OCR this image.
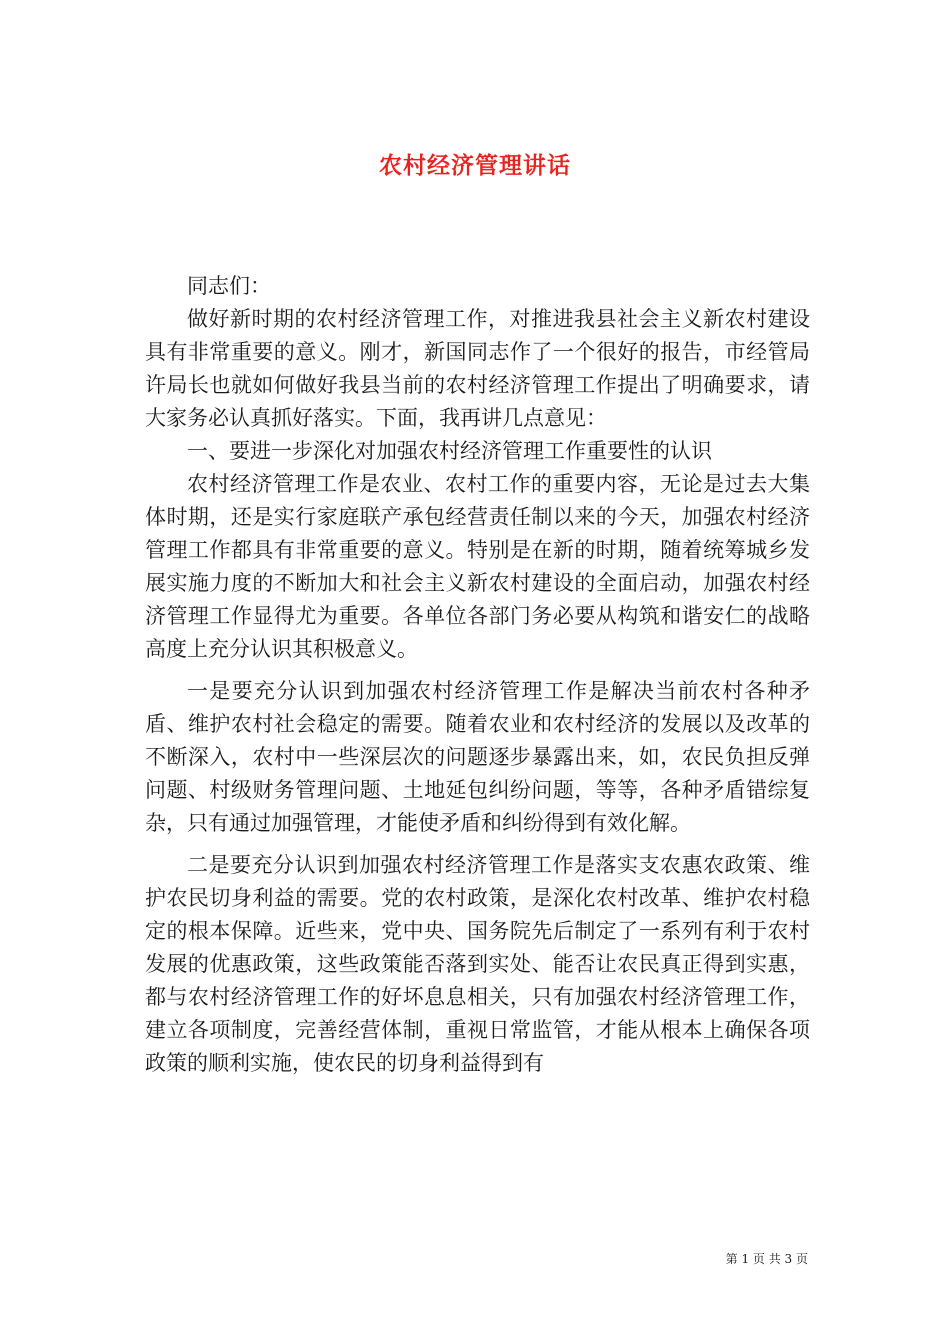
农村经济管理讲话

同志们：

做好新时期的农村经济管理工作，对推进我县社会主义新农村建设具有非常重要的意义。刚才，新国同志作了一个很好的报告，市经管局许局长也就如何做好我县当前的农村经济管理工作提出了明确要求，请大家务必认真抓好落实。下面，我再讲几点意见：

一、要进一步深化对加强农村经济管理工作重要性的认识

农村经济管理工作是农业、农村工作的重要内容，无论是过去大集体时期，还是实行家庭联产承包经营责任制以来的今天，加强农村经济管理工作都具有非常重要的意义。特别是在新的时期，随着统筹城乡发展实施力度的不断加大和社会主义新农村建设的全面启动，加强农村经济管理工作显得尤为重要。各单位各部门务必要从构筑和谐安仁的战略高度上充分认识其积极意义。

一是要充分认识到加强农村经济管理工作是解决当前农村各种矛盾、维护农村社会稳定的需要。随着农业和农村经济的发展以及改革的不断深入，农村中一些深层次的问题逐步暴露出来，如，农民负担反弹问题、村级财务管理问题、土地延包纠纷问题，等等，各种矛盾错综复杂，只有通过加强管理，才能使矛盾和纠纷得到有效化解。

二是要充分认识到加强农村经济管理工作是落实支农惠农政策、维护农民切身利益的需要。党的农村政策，是深化农村改革、维护农村稳定的根本保障。近些来，党中央、国务院先后制定了一系列有利于农村发展的优惠政策，这些政策能否落到实处、能否让农民真正得到实惠，都与农村经济管理工作的好坏息息相关，只有加强农村经济管理工作，建立各项制度，完善经营体制，重视日常监管，才能从根本上确保各项政策的顺利实施，使农民的切身利益得到有

第 1 页 共 3 页
